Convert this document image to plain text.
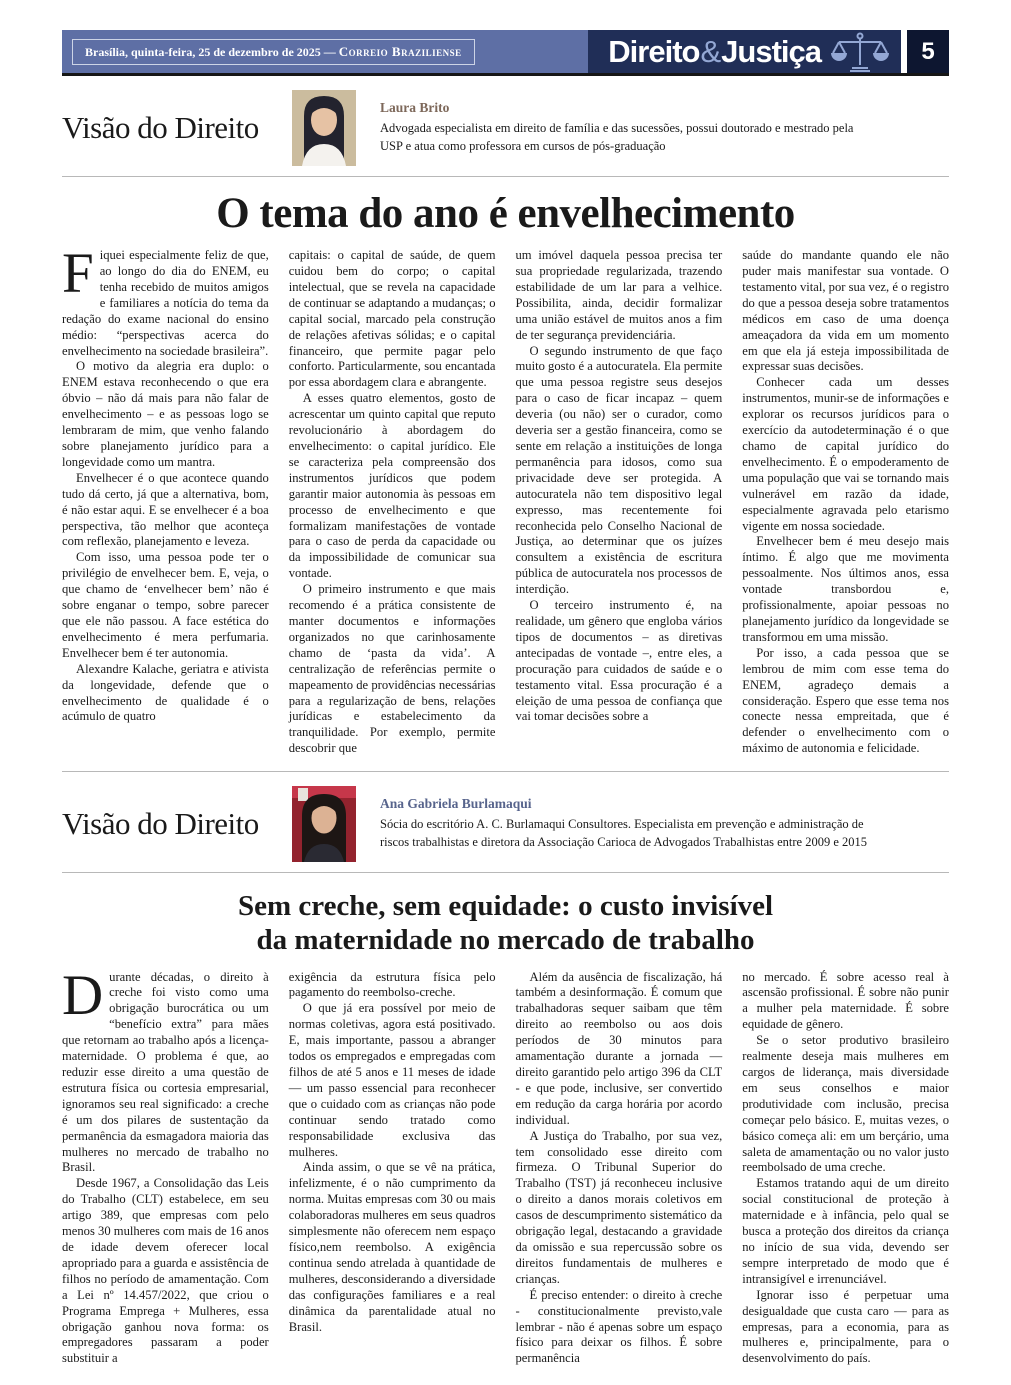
Brasília, quinta-feira, 25 de dezembro de 2025 — Correio Braziliense	Direito&Justiça	5
Visão do Direito
Laura Brito
Advogada especialista em direito de família e das sucessões, possui doutorado e mestrado pela USP e atua como professora em cursos de pós-graduação
O tema do ano é envelhecimento

Fiquei especialmente feliz de que, ao longo do dia do ENEM, eu tenha recebido de muitos amigos e familiares a notícia do tema da redação do exame nacional do ensino médio: “perspectivas acerca do envelhecimento na sociedade brasileira”.

O motivo da alegria era duplo: o ENEM estava reconhecendo o que era óbvio – não dá mais para não falar de envelhecimento – e as pessoas logo se lembraram de mim, que venho falando sobre planejamento jurídico para a longevidade como um mantra.

Envelhecer é o que acontece quando tudo dá certo, já que a alternativa, bom, é não estar aqui. E se envelhecer é a boa perspectiva, tão melhor que aconteça com reflexão, planejamento e leveza.

Com isso, uma pessoa pode ter o privilégio de envelhecer bem. E, veja, o que chamo de ‘envelhecer bem’ não é sobre enganar o tempo, sobre parecer que ele não passou. A face estética do envelhecimento é mera perfumaria. Envelhecer bem é ter autonomia.

Alexandre Kalache, geriatra e ativista da longevidade, defende que o envelhecimento de qualidade é o acúmulo de quatro

capitais: o capital de saúde, de quem cuidou bem do corpo; o capital intelectual, que se revela na capacidade de continuar se adaptando a mudanças; o capital social, marcado pela construção de relações afetivas sólidas; e o capital financeiro, que permite pagar pelo conforto. Particularmente, sou encantada por essa abordagem clara e abrangente.

A esses quatro elementos, gosto de acrescentar um quinto capital que reputo revolucionário à abordagem do envelhecimento: o capital jurídico. Ele se caracteriza pela compreensão dos instrumentos jurídicos que podem garantir maior autonomia às pessoas em processo de envelhecimento e que formalizam manifestações de vontade para o caso de perda da capacidade ou da impossibilidade de comunicar sua vontade.

O primeiro instrumento e que mais recomendo é a prática consistente de manter documentos e informações organizados no que carinhosamente chamo de ‘pasta da vida’. A centralização de referências permite o mapeamento de providências necessárias para a regularização de bens, relações jurídicas e estabelecimento da tranquilidade. Por exemplo, permite descobrir que

um imóvel daquela pessoa precisa ter sua propriedade regularizada, trazendo estabilidade de um lar para a velhice. Possibilita, ainda, decidir formalizar uma união estável de muitos anos a fim de ter segurança previdenciária.

O segundo instrumento de que faço muito gosto é a autocuratela. Ela permite que uma pessoa registre seus desejos para o caso de ficar incapaz – quem deveria (ou não) ser o curador, como deveria ser a gestão financeira, como se sente em relação a instituições de longa permanência para idosos, como sua privacidade deve ser protegida. A autocuratela não tem dispositivo legal expresso, mas recentemente foi reconhecida pelo Conselho Nacional de Justiça, ao determinar que os juízes consultem a existência de escritura pública de autocuratela nos processos de interdição.

O terceiro instrumento é, na realidade, um gênero que engloba vários tipos de documentos – as diretivas antecipadas de vontade –, entre eles, a procuração para cuidados de saúde e o testamento vital. Essa procuração é a eleição de uma pessoa de confiança que vai tomar decisões sobre a

saúde do mandante quando ele não puder mais manifestar sua vontade. O testamento vital, por sua vez, é o registro do que a pessoa deseja sobre tratamentos médicos em caso de uma doença ameaçadora da vida em um momento em que ela já esteja impossibilitada de expressar suas decisões.

Conhecer cada um desses instrumentos, munir-se de informações e explorar os recursos jurídicos para o exercício da autodeterminação é o que chamo de capital jurídico do envelhecimento. É o empoderamento de uma população que vai se tornando mais vulnerável em razão da idade, especialmente agravada pelo etarismo vigente em nossa sociedade.

Envelhecer bem é meu desejo mais íntimo. É algo que me movimenta pessoalmente. Nos últimos anos, essa vontade transbordou e, profissionalmente, apoiar pessoas no planejamento jurídico da longevidade se transformou em uma missão.

Por isso, a cada pessoa que se lembrou de mim com esse tema do ENEM, agradeço demais a consideração. Espero que esse tema nos conecte nessa empreitada, que é defender o envelhecimento com o máximo de autonomia e felicidade.

Visão do Direito
Ana Gabriela Burlamaqui
Sócia do escritório A. C. Burlamaqui Consultores. Especialista em prevenção e administração de riscos trabalhistas e diretora da Associação Carioca de Advogados Trabalhistas entre 2009 e 2015
Sem creche, sem equidade: o custo invisível
da maternidade no mercado de trabalho

Durante décadas, o direito à creche foi visto como uma obrigação burocrática ou um “benefício extra” para mães que retornam ao trabalho após a licença-maternidade. O problema é que, ao reduzir esse direito a uma questão de estrutura física ou cortesia empresarial, ignoramos seu real significado: a creche é um dos pilares de sustentação da permanência da esmagadora maioria das mulheres no mercado de trabalho no Brasil.

Desde 1967, a Consolidação das Leis do Trabalho (CLT) estabelece, em seu artigo 389, que empresas com pelo menos 30 mulheres com mais de 16 anos de idade devem oferecer local apropriado para a guarda e assistência de filhos no período de amamentação. Com a Lei nº 14.457/2022, que criou o Programa Emprega + Mulheres, essa obrigação ganhou nova forma: os empregadores passaram a poder substituir a

exigência da estrutura física pelo pagamento do reembolso-creche.

O que já era possível por meio de normas coletivas, agora está positivado. E, mais importante, passou a abranger todos os empregados e empregadas com filhos de até 5 anos e 11 meses de idade — um passo essencial para reconhecer que o cuidado com as crianças não pode continuar sendo tratado como responsabilidade exclusiva das mulheres.

Ainda assim, o que se vê na prática, infelizmente, é o não cumprimento da norma. Muitas empresas com 30 ou mais colaboradoras mulheres em seus quadros simplesmente não oferecem nem espaço físico,nem reembolso. A exigência continua sendo atrelada à quantidade de mulheres, desconsiderando a diversidade das configurações familiares e a real dinâmica da parentalidade atual no Brasil.

Além da ausência de fiscalização, há também a desinformação. É comum que trabalhadoras sequer saibam que têm direito ao reembolso ou aos dois períodos de 30 minutos para amamentação durante a jornada — direito garantido pelo artigo 396 da CLT - e que pode, inclusive, ser convertido em redução da carga horária por acordo individual.

A Justiça do Trabalho, por sua vez, tem consolidado esse direito com firmeza. O Tribunal Superior do Trabalho (TST) já reconheceu inclusive o direito a danos morais coletivos em casos de descumprimento sistemático da obrigação legal, destacando a gravidade da omissão e sua repercussão sobre os direitos fundamentais de mulheres e crianças.

É preciso entender: o direito à creche - constitucionalmente previsto,vale lembrar - não é apenas sobre um espaço físico para deixar os filhos. É sobre permanência

no mercado. É sobre acesso real à ascensão profissional. É sobre não punir a mulher pela maternidade. É sobre equidade de gênero.

Se o setor produtivo brasileiro realmente deseja mais mulheres em cargos de liderança, mais diversidade em seus conselhos e maior produtividade com inclusão, precisa começar pelo básico. E, muitas vezes, o básico começa ali: em um berçário, uma saleta de amamentação ou no valor justo reembolsado de uma creche.

Estamos tratando aqui de um direito social constitucional de proteção à maternidade e à infância, pelo qual se busca a proteção dos direitos da criança no início de sua vida, devendo ser sempre interpretado de modo que é intransigível e irrenunciável.

Ignorar isso é perpetuar uma desigualdade que custa caro — para as empresas, para a economia, para as mulheres e, principalmente, para o desenvolvimento do país.
